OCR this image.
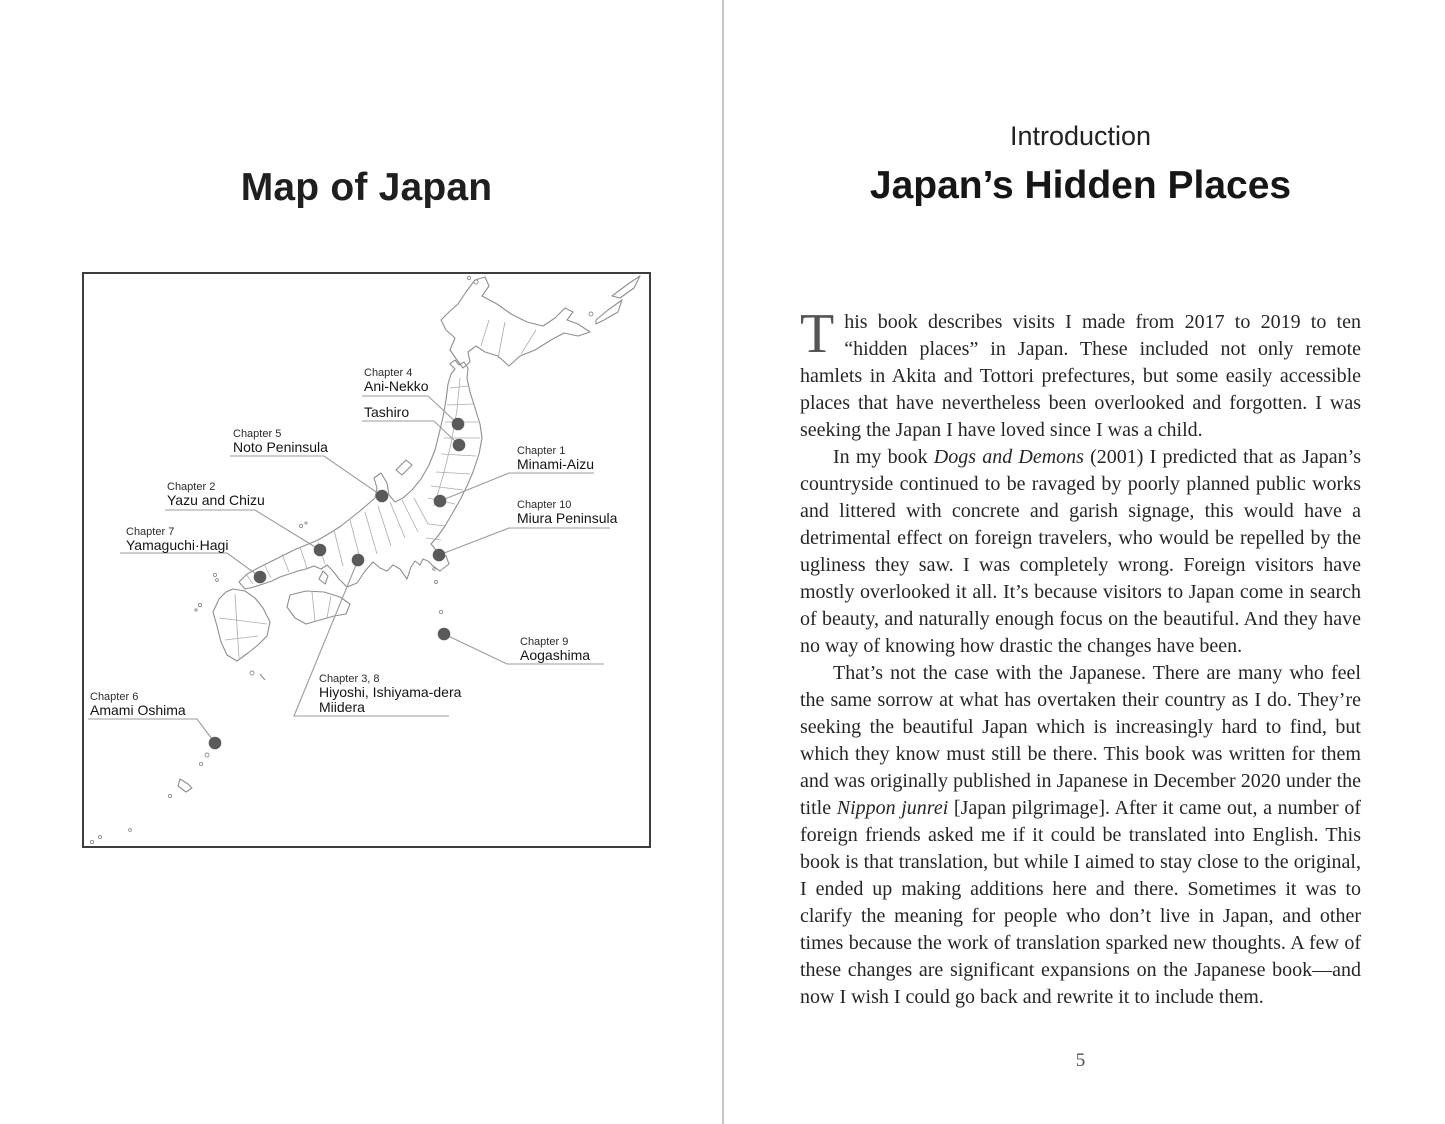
Map of Japan
Chapter 4
Ani-Nekko
Tashiro
Chapter 5
Noto Peninsula	Chapter 1
Minami-Aizu
Chapter 2
Yazu and Chizu	Chapter 10
Miura Peninsula
Chapter 7
Yamaguchi·Hagi
Chapter 9
Aogashima
Chapter 3, 8
Hiyoshi, Ishiyama-dera
Miidera
Chapter 6
Amami Oshima
Introduction
Japan’s Hidden Places

This book describes visits I made from 2017 to 2019 to ten “hidden places” in Japan. These included not only remote hamlets in Akita and Tottori prefectures, but some easily accessible places that have nevertheless been overlooked and forgotten. I was seeking the Japan I have loved since I was a child.

In my book Dogs and Demons (2001) I predicted that as Japan’s countryside continued to be ravaged by poorly planned public works and littered with concrete and garish signage, this would have a detrimental effect on foreign travelers, who would be repelled by the ugliness they saw. I was completely wrong. Foreign visitors have mostly overlooked it all. It’s because visitors to Japan come in search of beauty, and naturally enough focus on the beautiful. And they have no way of knowing how drastic the changes have been.

That’s not the case with the Japanese. There are many who feel the same sorrow at what has overtaken their country as I do. They’re seeking the beautiful Japan which is increasingly hard to find, but which they know must still be there. This book was written for them and was originally published in Japanese in December 2020 under the title Nippon junrei [Japan pilgrimage]. After it came out, a number of foreign friends asked me if it could be translated into English. This book is that translation, but while I aimed to stay close to the original, I ended up making additions here and there. Sometimes it was to clarify the meaning for people who don’t live in Japan, and other times because the work of translation sparked new thoughts. A few of these changes are significant expansions on the Japanese book—and now I wish I could go back and rewrite it to include them.

5
